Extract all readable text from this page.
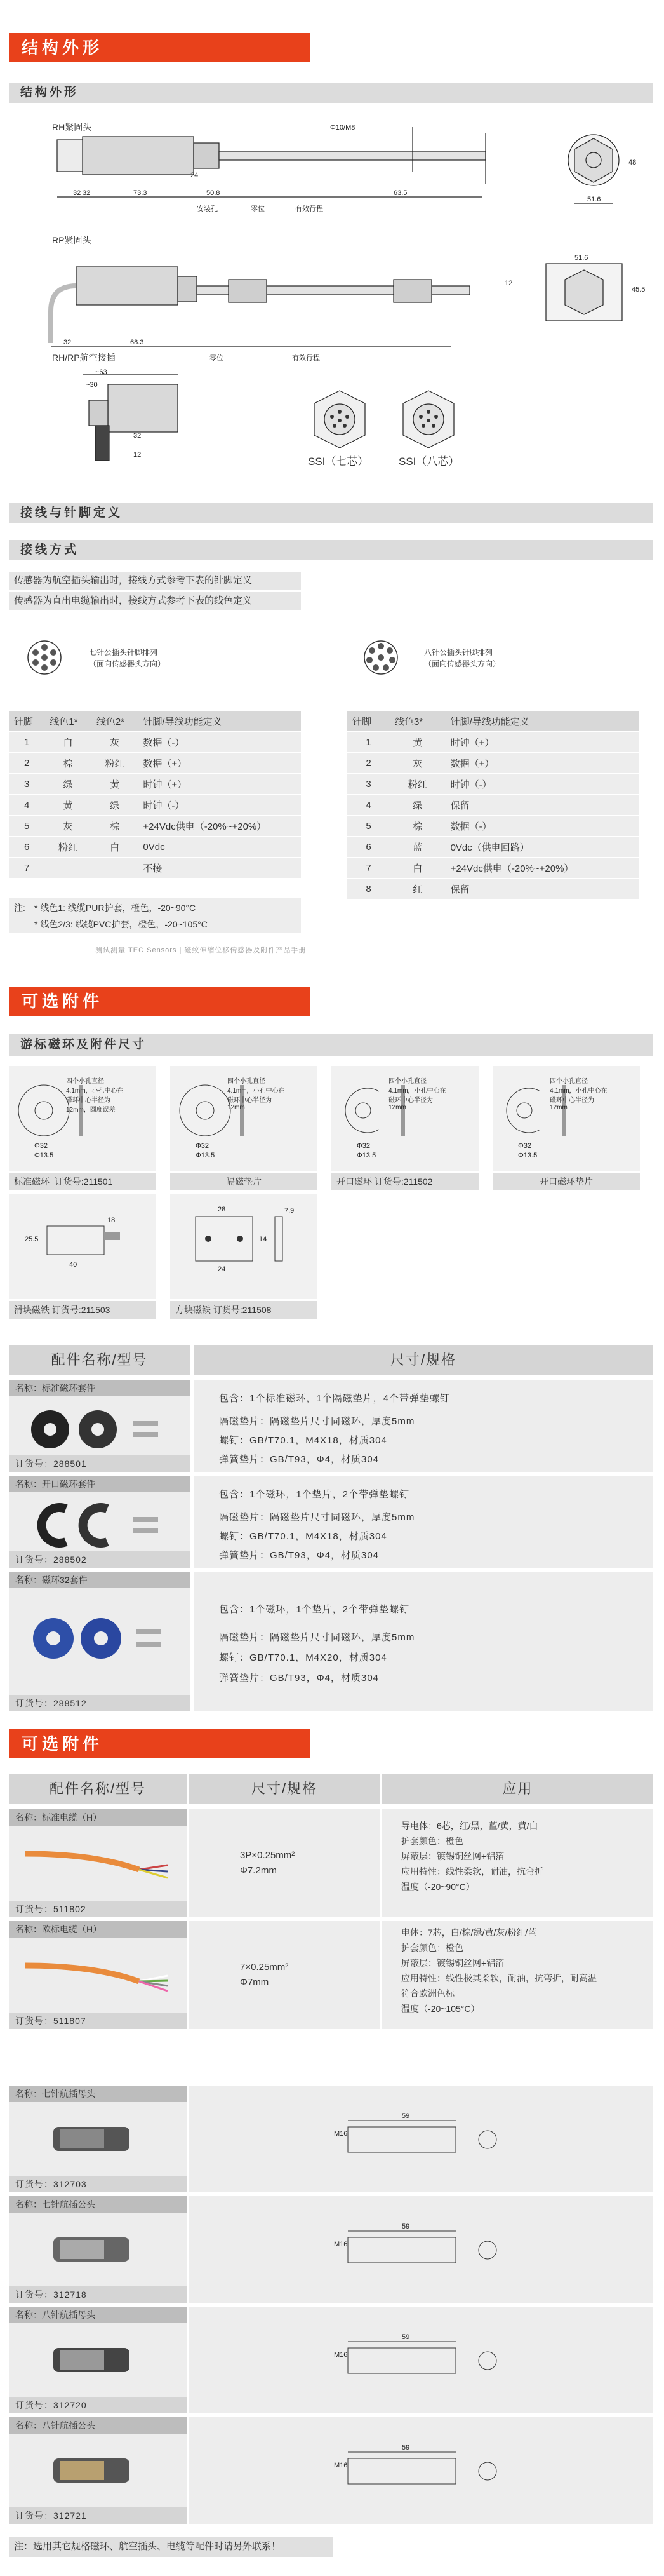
结构外形
结构外形
RH紧固头
32
32	73.3	50.8
24
63.5
51.6
48
Φ10/M8
安装孔	零位	有效行程
RP紧固头
32	68.3
51.6
45.5
12
零位	有效行程
RH/RP航空接插
~63
~30
32
12
SSI（七芯）	SSI（八芯）
接线与针脚定义
接线方式
传感器为航空插头输出时，接线方式参考下表的针脚定义
传感器为直出电缆输出时，接线方式参考下表的线色定义
七针公插头针脚排列（面向传感器头方向）
八针公插头针脚排列（面向传感器头方向）
针脚	线色1*	线色2*	针脚/导线功能定义
1	白	灰	数据（-）
2	棕	粉红	数据（+）
3	绿	黄	时钟（+）
4	黄	绿	时钟（-）
5	灰	棕	+24Vdc供电（-20%~+20%）
6	粉红	白	0Vdc
7			不接
针脚	线色3*	针脚/导线功能定义
1	黄	时钟（+）
2	灰	数据（+）
3	粉红	时钟（-）
4	绿	保留
5	棕	数据（-）
6	蓝	0Vdc（供电回路）
7	白	+24Vdc供电（-20%~+20%）
8	红	保留
注: * 线色1: 线缆PUR护套，橙色，-20~90°C
* 线色2/3: 线缆PVC护套，橙色，-20~105°C
测试测量 TEC Sensors | 磁致伸缩位移传感器及附件产品手册
可选附件
游标磁环及附件尺寸
四个小孔直径4.1mm，小孔中心在磁环中心半径为12mm，圆度误差
Φ32
Φ13.5
标准磁环 订货号:211501
四个小孔直径4.1mm，小孔中心在磁环中心半径为12mm
Φ32
Φ13.5
隔磁垫片
四个小孔直径4.1mm，小孔中心在磁环中心半径为12mm
Φ32
Φ13.5
开口磁环 订货号:211502
四个小孔直径4.1mm，小孔中心在磁环中心半径为12mm
Φ32
Φ13.5
开口磁环垫片
25.5
40
18
滑块磁铁 订货号:211503
28
24
14
7.9
方块磁铁 订货号:211508
配件名称/型号	尺寸/规格
名称：标准磁环套件
订货号：288501
包含：1个标准磁环，1个隔磁垫片，4个带弹垫螺钉
隔磁垫片：隔磁垫片尺寸同磁环，厚度5mm
螺钉：GB/T70.1，M4X18，材质304
弹簧垫片：GB/T93，Φ4，材质304
名称：开口磁环套件
订货号：288502
包含：1个磁环，1个垫片，2个带弹垫螺钉
隔磁垫片：隔磁垫片尺寸同磁环，厚度5mm
螺钉：GB/T70.1，M4X18，材质304
弹簧垫片：GB/T93，Φ4，材质304
名称：磁环32套件
订货号：288512
包含：1个磁环，1个垫片，2个带弹垫螺钉
隔磁垫片：隔磁垫片尺寸同磁环，厚度5mm
螺钉：GB/T70.1，M4X20，材质304
弹簧垫片：GB/T93，Φ4，材质304
可选附件
配件名称/型号	尺寸/规格	应用
名称：标准电缆（H）
订货号：511802
3P×0.25mm²
Φ7.2mm
导电体：6芯，红/黑，蓝/黄，黄/白
护套颜色：橙色
屏蔽层：镀锡铜丝网+铝箔
应用特性：线性柔软，耐油，抗弯折
温度（-20~90°C）
名称：欧标电缆（H）
订货号：511807
7×0.25mm²
Φ7mm
电体：7芯，白/棕/绿/黄/灰/粉红/蓝
护套颜色：橙色
屏蔽层：镀锡铜丝网+铝箔
应用特性：线性极其柔软，耐油，抗弯折，耐高温
符合欧洲色标
温度（-20~105°C）
名称：七针航插母头
订货号：312703
59
M16
名称：七针航插公头
订货号：312718
59
M16
名称：八针航插母头
订货号：312720
59
M16
名称：八针航插公头
订货号：312721
59
M16
注：选用其它规格磁环、航空插头、电缆等配件时请另外联系！
